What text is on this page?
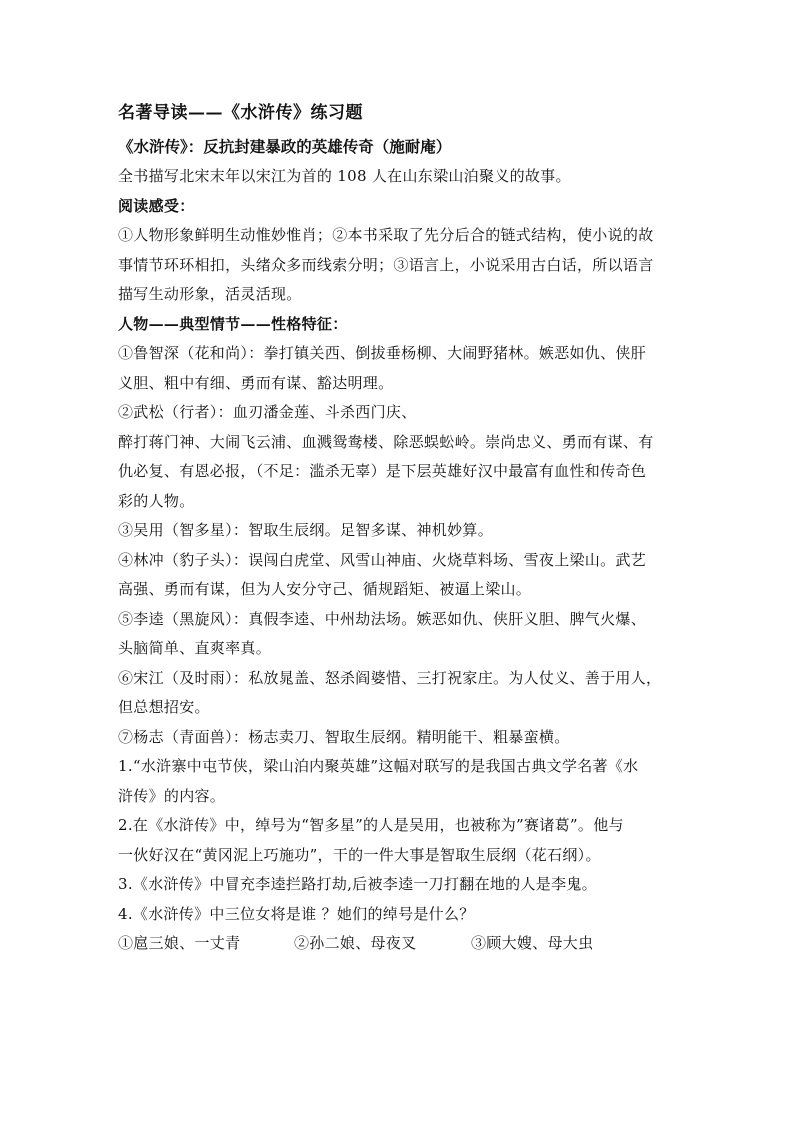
名著导读——《水浒传》练习题

《水浒传》：反抗封建暴政的英雄传奇（施耐庵）

全书描写北宋末年以宋江为首的 108 人在山东梁山泊聚义的故事。

阅读感受：

①人物形象鲜明生动惟妙惟肖；②本书采取了先分后合的链式结构，使小说的故

事情节环环相扣，头绪众多而线索分明；③语言上，小说采用古白话，所以语言

描写生动形象，活灵活现。

人物——典型情节——性格特征：

①鲁智深（花和尚）：拳打镇关西、倒拔垂杨柳、大闹野猪林。嫉恶如仇、侠肝

义胆、粗中有细、勇而有谋、豁达明理。

②武松（行者）：血刃潘金莲、斗杀西门庆、

醉打蒋门神、大闹飞云浦、血溅鸳鸯楼、除恶蜈蚣岭。崇尚忠义、勇而有谋、有

仇必复、有恩必报，（不足：滥杀无辜）是下层英雄好汉中最富有血性和传奇色

彩的人物。

③吴用（智多星）：智取生辰纲。足智多谋、神机妙算。

④林冲（豹子头）：误闯白虎堂、风雪山神庙、火烧草料场、雪夜上梁山。武艺

高强、勇而有谋，但为人安分守己、循规蹈矩、被逼上梁山。

⑤李逵（黑旋风）：真假李逵、中州劫法场。嫉恶如仇、侠肝义胆、脾气火爆、

头脑简单、直爽率真。

⑥宋江（及时雨）：私放晁盖、怒杀阎婆惜、三打祝家庄。为人仗义、善于用人，

但总想招安。

⑦杨志（青面兽）：杨志卖刀、智取生辰纲。精明能干、粗暴蛮横。

1.“水浒寨中屯节侠，梁山泊内聚英雄”这幅对联写的是我国古典文学名著《水

浒传》的内容。

2.在《水浒传》中，绰号为“智多星”的人是吴用，也被称为”赛诸葛”。他与

一伙好汉在“黄冈泥上巧施功”，干的一件大事是智取生辰纲（花石纲）。

3.《水浒传》中冒充李逵拦路打劫,后被李逵一刀打翻在地的人是李鬼。

4.《水浒传》中三位女将是谁 ？她们的绰号是什么？

①扈三娘、一丈青	②孙二娘、母夜叉	③顾大嫂、母大虫
